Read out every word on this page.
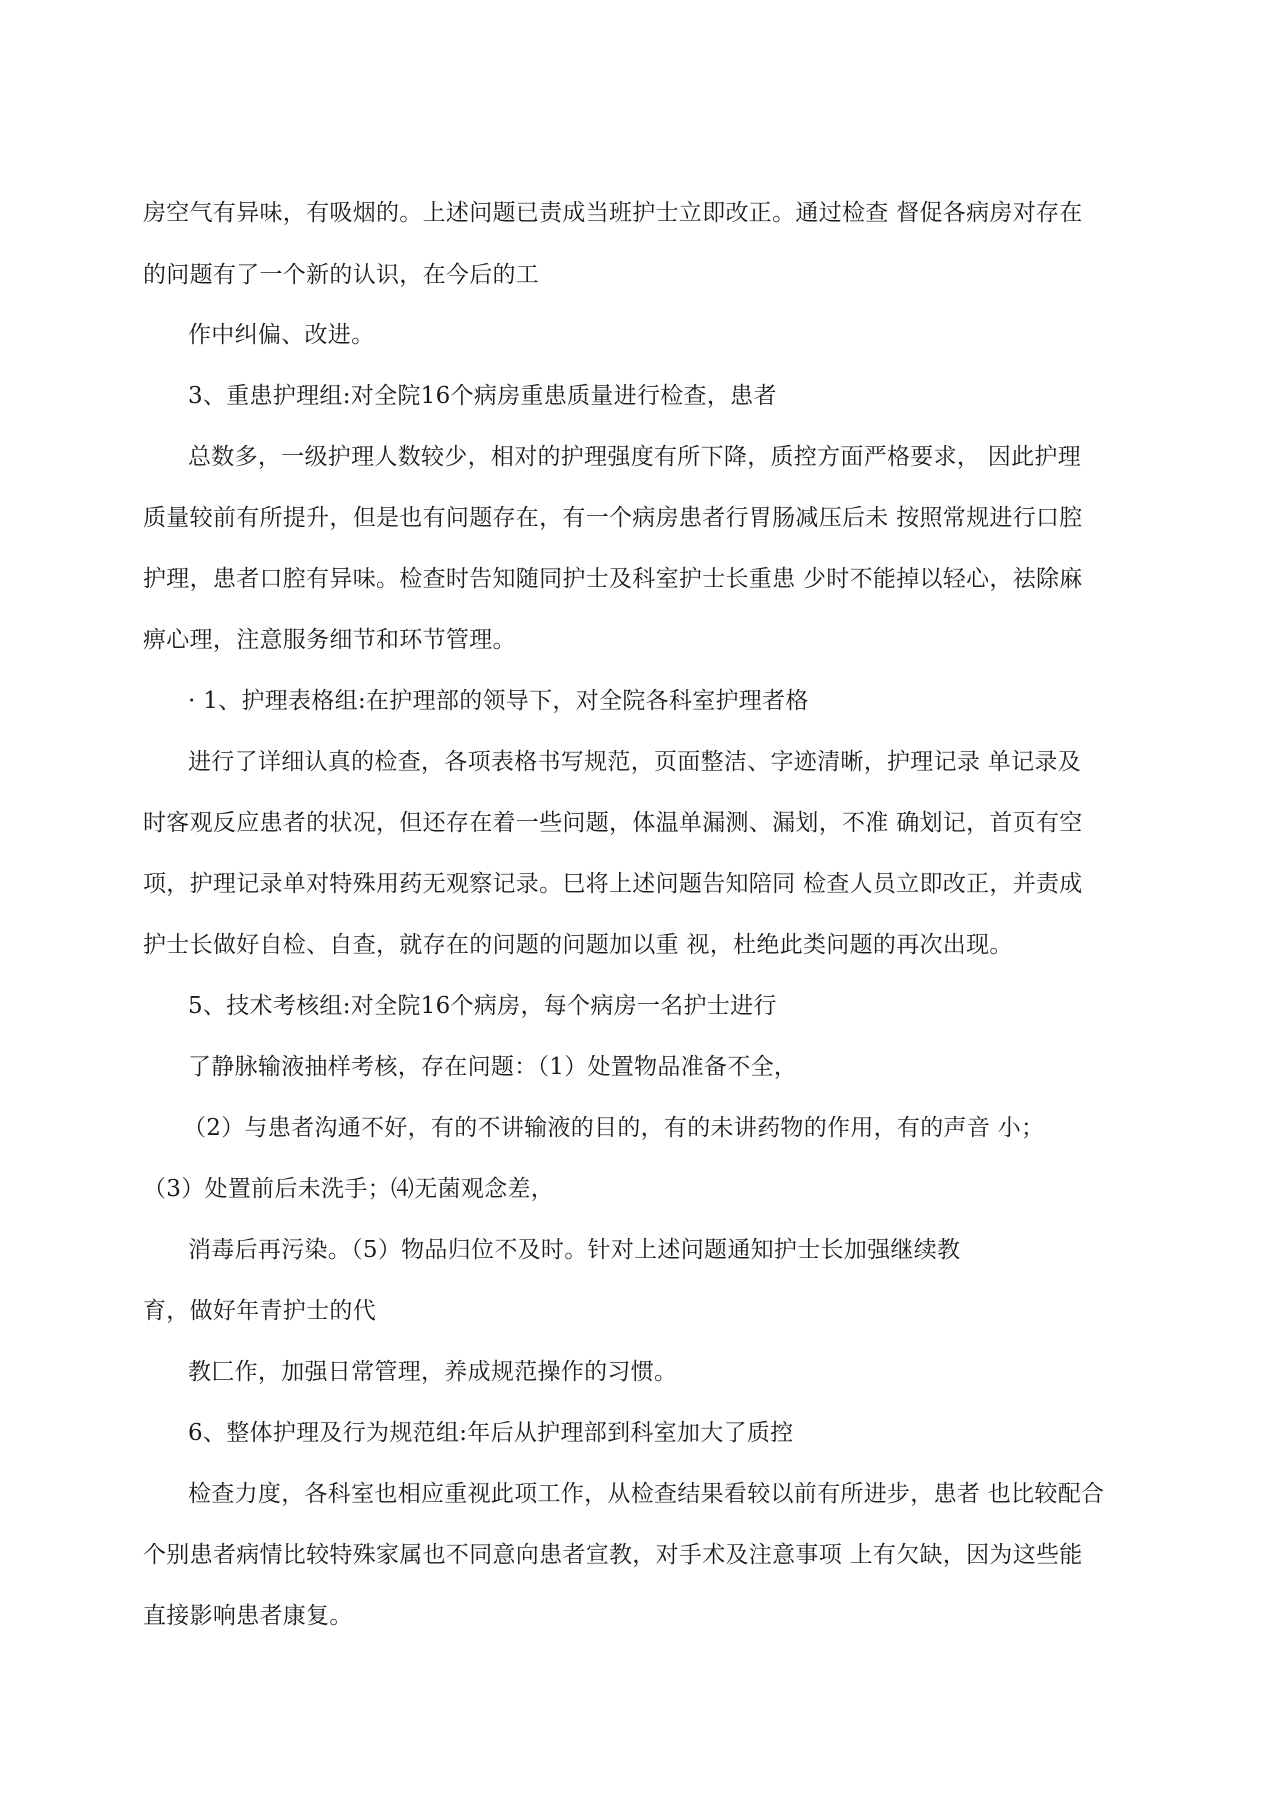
房空气有异味，有吸烟的。上述问题已责成当班护士立即改正。通过检查 督促各病房对存在

的问题有了一个新的认识，在今后的工

作中纠偏、改进。

3、重患护理组:对全院16个病房重患质量进行检查，患者

总数多，一级护理人数较少，相对的护理强度有所下降，质控方面严格要求， 因此护理

质量较前有所提升，但是也有问题存在，有一个病房患者行胃肠减压后未 按照常规进行口腔

护理，患者口腔有异味。检查时告知随同护士及科室护士长重患 少时不能掉以轻心，祛除麻

痹心理，注意服务细节和环节管理。

· 1、护理表格组:在护理部的领导下，对全院各科室护理者格

进行了详细认真的检查，各项表格书写规范，页面整洁、字迹清晰，护理记录 单记录及

时客观反应患者的状况，但还存在着一些问题，体温单漏测、漏划，不准 确划记，首页有空

项，护理记录单对特殊用药无观察记录。巳将上述问题告知陪同 检查人员立即改正，并责成

护士长做好自检、自查，就存在的问题的问题加以重 视，杜绝此类问题的再次出现。

5、技术考核组:对全院16个病房，每个病房一名护士进行

了静脉输液抽样考核，存在问题：（1）处置物品准备不全，

（2）与患者沟通不好，有的不讲输液的目的，有的未讲药物的作用，有的声音 小；

（3）处置前后未洗手；⑷无菌观念差，

消毒后再污染。（5）物品归位不及时。针对上述问题通知护士长加强继续教

育，做好年青护士的代

教匚作，加强日常管理，养成规范操作的习惯。

6、整体护理及行为规范组:年后从护理部到科室加大了质控

检查力度，各科室也相应重视此项工作，从检查结果看较以前有所进步，患者 也比较配合

个别患者病情比较特殊家属也不同意向患者宣教，对手术及注意事项 上有欠缺，因为这些能

直接影响患者康复。
